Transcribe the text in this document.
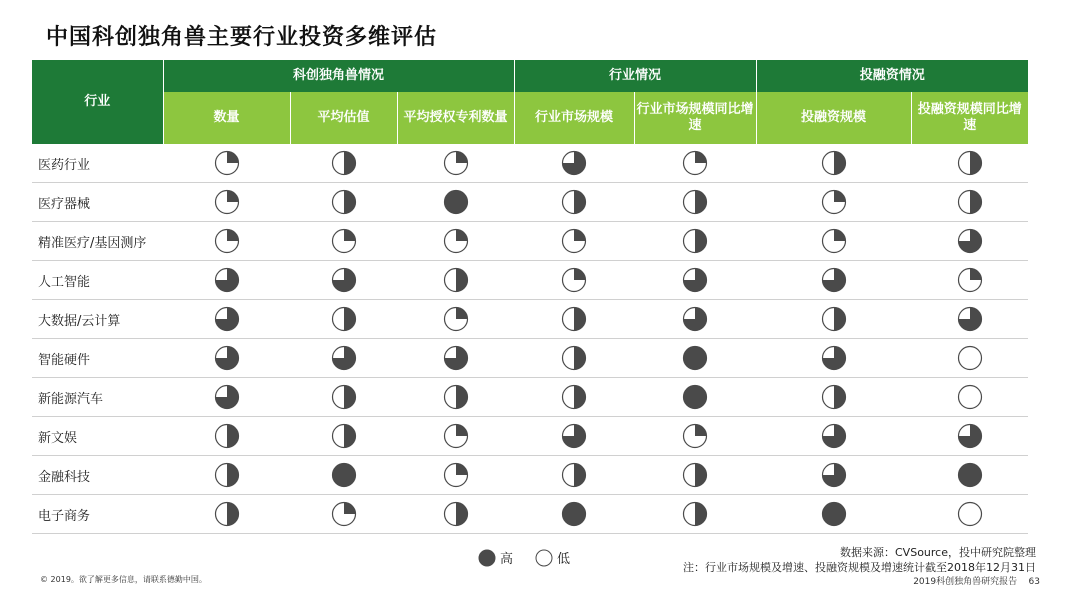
中国科创独角兽主要行业投资多维评估
行业	科创独角兽情况			行业情况		投融资情况	
	数量	平均估值	平均授权专利数量	行业市场规模	行业市场规模同比增速	投融资规模	投融资规模同比增速
医药行业							
医疗器械							
精准医疗/基因测序							
人工智能							
大数据/云计算							
智能硬件							
新能源汽车							
新文娱							
金融科技							
电子商务							
高	低	数据来源：CVSource，投中研究院整理
注：行业市场规模及增速、投融资规模及增速统计截至2018年12月31日
© 2019。欲了解更多信息，请联系德勤中国。	2019科创独角兽研究报告 63
